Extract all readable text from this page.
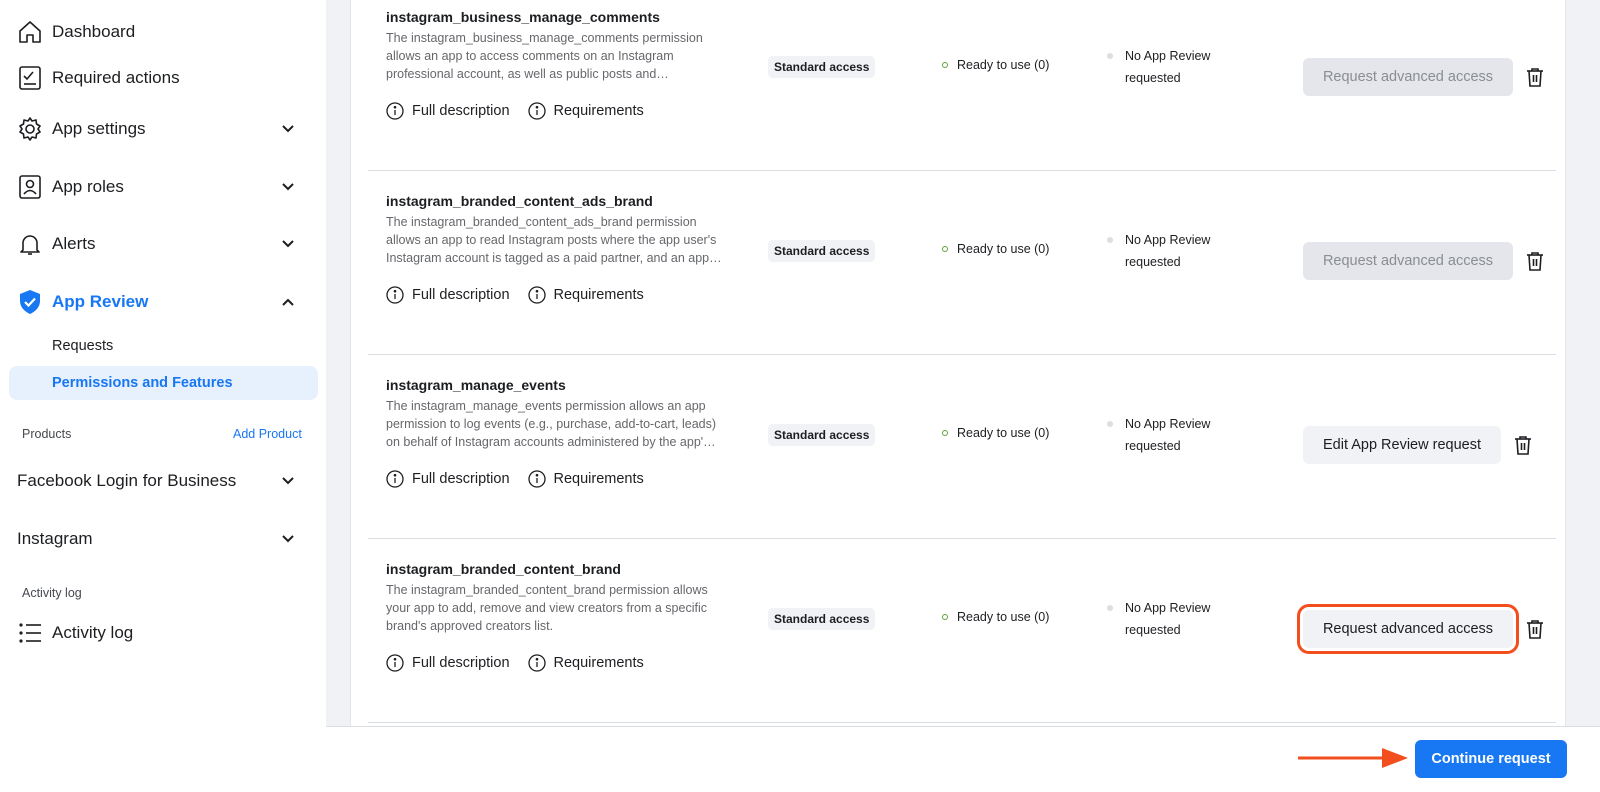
Dashboard
Required actions
App settings
App roles
Alerts
App Review
Requests
Permissions and Features
Products	Add Product
Facebook Login for Business
Instagram
Activity log
Activity log
instagram_business_manage_comments
The instagram_business_manage_comments permission allows an app to access comments on an Instagram professional account, as well as public posts and…
Full description	Requirements
Standard access	Ready to use (0)
No App Review requested	Request advanced access
instagram_branded_content_ads_brand
The instagram_branded_content_ads_brand permission allows an app to read Instagram posts where the app user's Instagram account is tagged as a paid partner, and an app…
Full description	Requirements
Standard access	Ready to use (0)
No App Review requested	Request advanced access
instagram_manage_events
The instagram_manage_events permission allows an app permission to log events (e.g., purchase, add-to-cart, leads) on behalf of Instagram accounts administered by the app'…
Full description	Requirements
Standard access	Ready to use (0)
No App Review requested	Edit App Review request
instagram_branded_content_brand
The instagram_branded_content_brand permission allows your app to add, remove and view creators from a specific brand's approved creators list.
Full description	Requirements
Standard access	Ready to use (0)
No App Review requested	Request advanced access
Continue request
